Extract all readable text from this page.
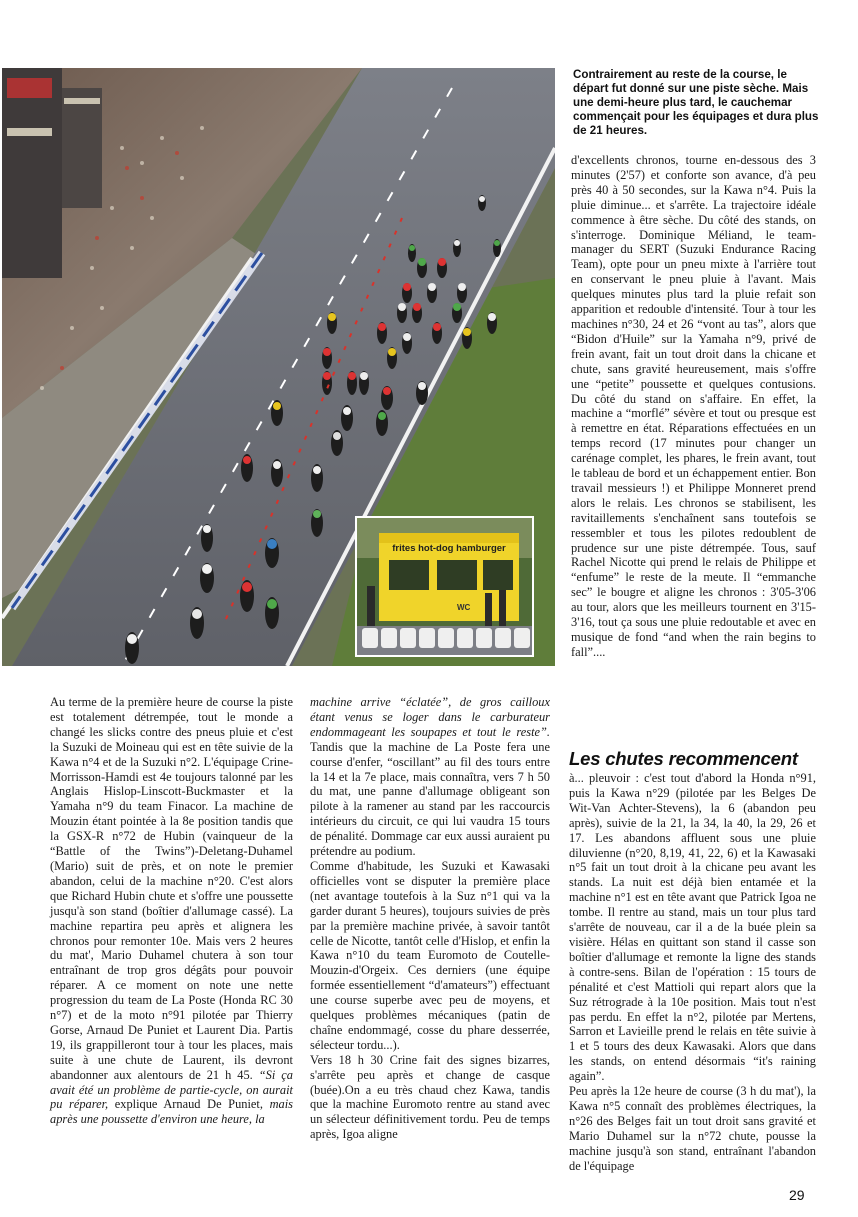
frites hot-dog hamburger
WC

Contrairement au reste de la course, le départ fut donné sur une piste sèche. Mais une demi-heure plus tard, le cauchemar commençait pour les équipages et dura plus de 21 heures.

Au terme de la première heure de course la piste est totalement détrempée, tout le monde a changé les slicks contre des pneus pluie et c'est la Suzuki de Moineau qui est en tête suivie de la Kawa n°4 et de la Suzuki n°2. L'équipage Crine-Morrisson-Hamdi est 4e toujours talonné par les Anglais Hislop-Linscott-Buckmaster et la Yamaha n°9 du team Finacor. La machine de Mouzin étant pointée à la 8e position tandis que la GSX-R n°72 de Hubin (vainqueur de la “Battle of the Twins”)-Deletang-Duhamel (Mario) suit de près, et on note le premier abandon, celui de la machine n°20. C'est alors que Richard Hubin chute et s'offre une poussette jusqu'à son stand (boîtier d'allumage cassé). La machine repartira peu après et alignera les chronos pour remonter 10e. Mais vers 2 heures du mat', Mario Duhamel chutera à son tour entraînant de trop gros dégâts pour pouvoir réparer. A ce moment on note une nette progression du team de La Poste (Honda RC 30 n°7) et de la moto n°91 pilotée par Thierry Gorse, Arnaud De Puniet et Laurent Dia. Partis 19, ils grappilleront tour à tour les places, mais suite à une chute de Laurent, ils devront abandonner aux alentours de 21 h 45. “Si ça avait été un problème de partie-cycle, on aurait pu réparer, explique Arnaud De Puniet, mais après une poussette d'environ une heure, la

machine arrive “éclatée”, de gros cailloux étant venus se loger dans le carburateur endommageant les soupapes et tout le reste”. Tandis que la machine de La Poste fera une course d'enfer, “oscillant” au fil des tours entre la 14 et la 7e place, mais connaîtra, vers 7 h 50 du mat, une panne d'allumage obligeant son pilote à la ramener au stand par les raccourcis intérieurs du circuit, ce qui lui vaudra 15 tours de pénalité. Dommage car eux aussi auraient pu prétendre au podium.

Comme d'habitude, les Suzuki et Kawasaki officielles vont se disputer la première place (net avantage toutefois à la Suz n°1 qui va la garder durant 5 heures), toujours suivies de près par la première machine privée, à savoir tantôt celle de Nicotte, tantôt celle d'Hislop, et enfin la Kawa n°10 du team Euromoto de Coutelle-Mouzin-d'Orgeix. Ces derniers (une équipe formée essentiellement “d'amateurs”) effectuant une course superbe avec peu de moyens, et quelques problèmes mécaniques (patin de chaîne endommagé, cosse du phare desserrée, sélecteur tordu...).

Vers 18 h 30 Crine fait des signes bizarres, s'arrête peu après et change de casque (buée).On a eu très chaud chez Kawa, tandis que la machine Euromoto rentre au stand avec un sélecteur définitivement tordu. Peu de temps après, Igoa aligne

d'excellents chronos, tourne en-dessous des 3 minutes (2'57) et conforte son avance, d'à peu près 40 à 50 secondes, sur la Kawa n°4. Puis la pluie diminue... et s'arrête. La trajectoire idéale commence à être sèche. Du côté des stands, on s'interroge. Dominique Méliand, le team-manager du SERT (Suzuki Endurance Racing Team), opte pour un pneu mixte à l'arrière tout en conservant le pneu pluie à l'avant. Mais quelques minutes plus tard la pluie refait son apparition et redouble d'intensité. Tour à tour les machines n°30, 24 et 26 “vont au tas”, alors que “Bidon d'Huile” sur la Yamaha n°9, privé de frein avant, fait un tout droit dans la chicane et chute, sans gravité heureusement, mais s'offre une “petite” poussette et quelques contusions. Du côté du stand on s'affaire. En effet, la machine a “morflé” sévère et tout ou presque est à remettre en état. Réparations effectuées en un temps record (17 minutes pour changer un carénage complet, les phares, le frein avant, tout le tableau de bord et un échappement entier. Bon travail messieurs !) et Philippe Monneret prend alors le relais. Les chronos se stabilisent, les ravitaillements s'enchaînent sans toutefois se ressembler et tous les pilotes redoublent de prudence sur une piste détrempée. Tous, sauf Rachel Nicotte qui prend le relais de Philippe et “enfume” le reste de la meute. Il “emmanche sec” le bougre et aligne les chronos : 3'05-3'06 au tour, alors que les meilleurs tournent en 3'15-3'16, tout ça sous une pluie redoutable et avec en musique de fond “and when the rain begins to fall”....

Les chutes recommencent

à... pleuvoir : c'est tout d'abord la Honda n°91, puis la Kawa n°29 (pilotée par les Belges De Wit-Van Achter-Stevens), la 6 (abandon peu après), suivie de la 21, la 34, la 40, la 29, 26 et 17. Les abandons affluent sous une pluie diluvienne (n°20, 8,19, 41, 22, 6) et la Kawasaki n°5 fait un tout droit à la chicane peu avant les stands. La nuit est déjà bien entamée et la machine n°1 est en tête avant que Patrick Igoa ne tombe. Il rentre au stand, mais un tour plus tard s'arrête de nouveau, car il a de la buée plein sa visière. Hélas en quittant son stand il casse son boîtier d'allumage et remonte la ligne des stands à contre-sens. Bilan de l'opération : 15 tours de pénalité et c'est Mattioli qui repart alors que la Suz rétrograde à la 10e position. Mais tout n'est pas perdu. En effet la n°2, pilotée par Mertens, Sarron et Lavieille prend le relais en tête suivie à 1 et 5 tours des deux Kawasaki. Alors que dans les stands, on entend désormais “it's raining again”.

Peu après la 12e heure de course (3 h du mat'), la Kawa n°5 connaît des problèmes électriques, la n°26 des Belges fait un tout droit sans gravité et Mario Duhamel sur la n°72 chute, pousse la machine jusqu'à son stand, entraînant l'abandon de l'équipage

29
